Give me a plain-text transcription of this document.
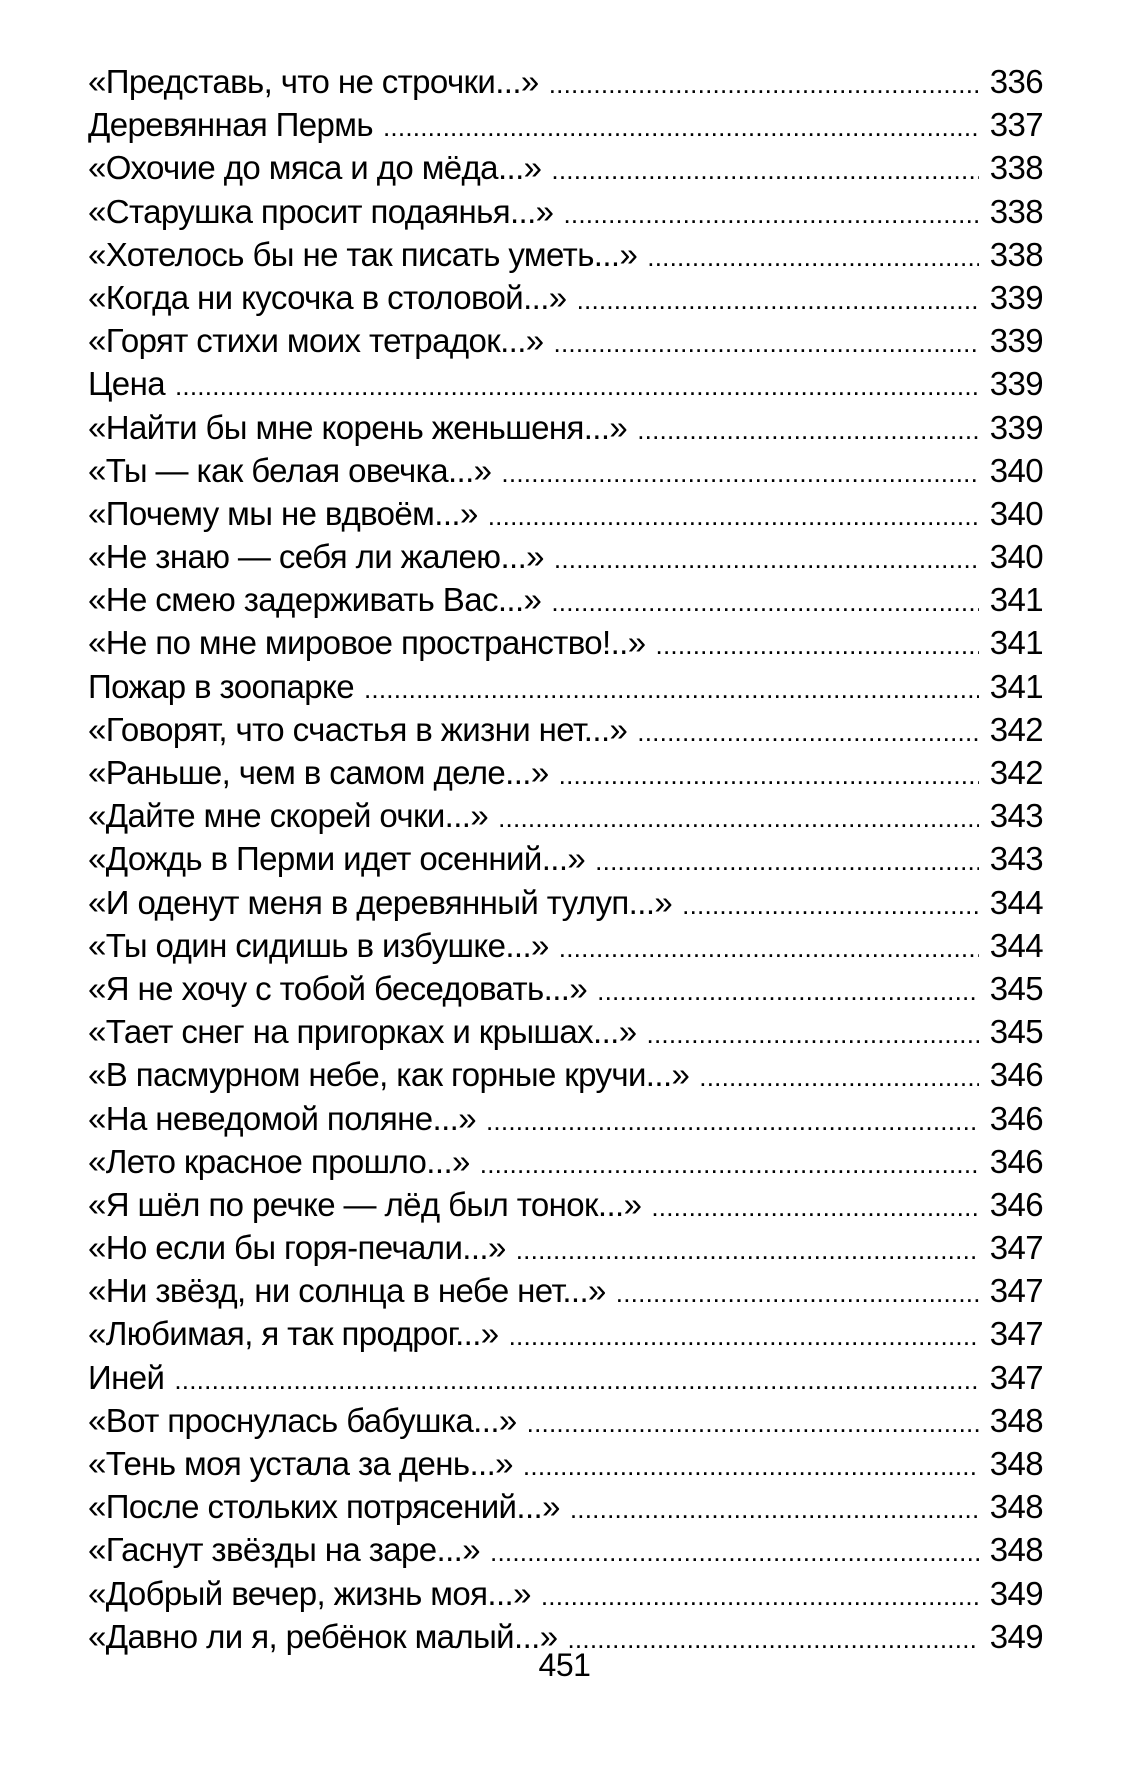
«Представь, что не строчки...» . . .	336
Деревянная Пермь . . .	337
«Охочие до мяса и до мёда...» . . .	338
«Старушка просит подаянья...» . . .	338
«Хотелось бы не так писать уметь...» . . .	338
«Когда ни кусочка в столовой...» . . .	339
«Горят стихи моих тетрадок...» . . .	339
Цена . . .	339
«Найти бы мне корень женьшеня...» . . .	339
«Ты — как белая овечка...» . . .	340
«Почему мы не вдвоём...» . . .	340
«Не знаю — себя ли жалею...» . . .	340
«Не смею задерживать Вас...» . . .	341
«Не по мне мировое пространство!..» . . .	341
Пожар в зоопарке . . .	341
«Говорят, что счастья в жизни нет...» . . .	342
«Раньше, чем в самом деле...» . . .	342
«Дайте мне скорей очки...» . . .	343
«Дождь в Перми идет осенний...» . . .	343
«И оденут меня в деревянный тулуп...» . . .	344
«Ты один сидишь в избушке...» . . .	344
«Я не хочу с тобой беседовать...» . . .	345
«Тает снег на пригорках и крышах...» . . .	345
«В пасмурном небе, как горные кручи...» . . .	346
«На неведомой поляне...» . . .	346
«Лето красное прошло...» . . .	346
«Я шёл по речке — лёд был тонок...» . . .	346
«Но если бы горя-печали...» . . .	347
«Ни звёзд, ни солнца в небе нет...» . . .	347
«Любимая, я так продрог...» . . .	347
Иней . . .	347
«Вот проснулась бабушка...» . . .	348
«Тень моя устала за день...» . . .	348
«После стольких потрясений...» . . .	348
«Гаснут звёзды на заре...» . . .	348
«Добрый вечер, жизнь моя...» . . .	349
«Давно ли я, ребёнок малый...» . . .	349
451
